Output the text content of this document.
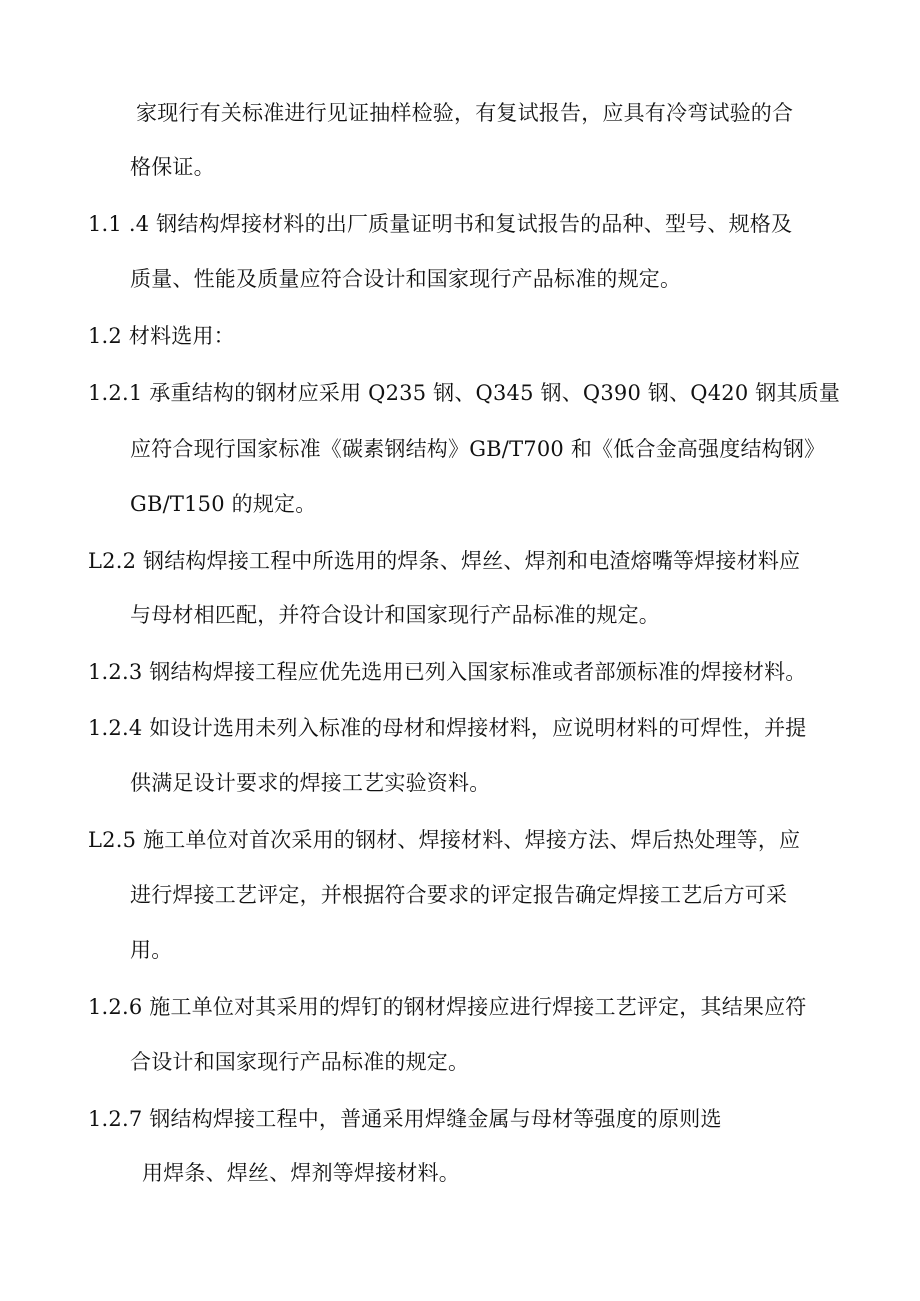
家现行有关标准进行见证抽样检验，有复试报告，应具有冷弯试验的合
格保证。
1.1 .4 钢结构焊接材料的出厂质量证明书和复试报告的品种、型号、规格及
质量、性能及质量应符合设计和国家现行产品标准的规定。
1.2 材料选用：
1.2.1 承重结构的钢材应采用 Q235 钢、Q345 钢、Q390 钢、Q420 钢其质量
应符合现行国家标准《碳素钢结构》GB/T700 和《低合金高强度结构钢》
GB/T150 的规定。
L2.2 钢结构焊接工程中所选用的焊条、焊丝、焊剂和电渣熔嘴等焊接材料应
与母材相匹配，并符合设计和国家现行产品标准的规定。
1.2.3 钢结构焊接工程应优先选用已列入国家标准或者部颁标准的焊接材料。
1.2.4 如设计选用未列入标准的母材和焊接材料，应说明材料的可焊性，并提
供满足设计要求的焊接工艺实验资料。
L2.5 施工单位对首次采用的钢材、焊接材料、焊接方法、焊后热处理等，应
进行焊接工艺评定，并根据符合要求的评定报告确定焊接工艺后方可采
用。
1.2.6 施工单位对其采用的焊钉的钢材焊接应进行焊接工艺评定，其结果应符
合设计和国家现行产品标准的规定。
1.2.7 钢结构焊接工程中，普通采用焊缝金属与母材等强度的原则选
用焊条、焊丝、焊剂等焊接材料。
